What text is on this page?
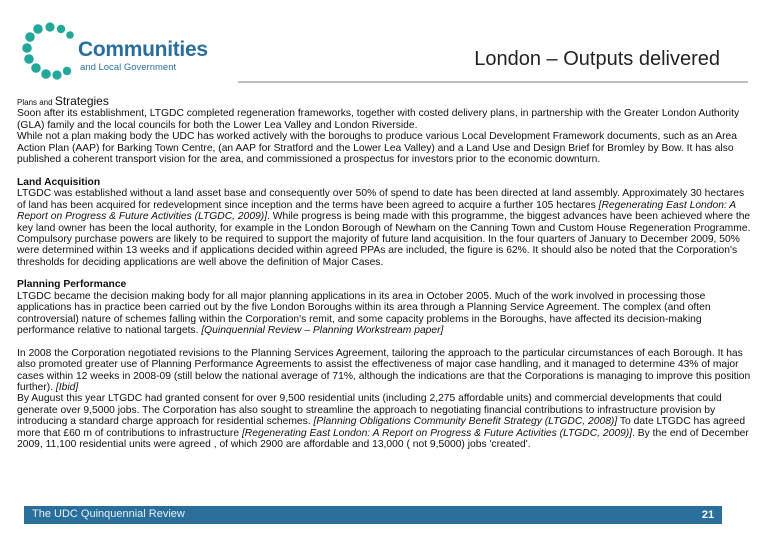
Communities
and Local Government	London – Outputs delivered
Plans and Strategies

Soon after its establishment, LTGDC completed regeneration frameworks, together with costed delivery plans, in partnership with the Greater London Authority (GLA) family and the local councils for both the Lower Lea Valley and London Riverside.

While not a plan making body the UDC has worked actively with the boroughs to produce various Local Development Framework documents, such as an Area Action Plan (AAP) for Barking Town Centre, (an AAP for Stratford and the Lower Lea Valley) and a Land Use and Design Brief for Bromley by Bow. It has also published a coherent transport vision for the area, and commissioned a prospectus for investors prior to the economic downturn.

Land Acquisition

LTGDC was established without a land asset base and consequently over 50% of spend to date has been directed at land assembly. Approximately 30 hectares of land has been acquired for redevelopment since inception and the terms have been agreed to acquire a further 105 hectares [Regenerating East London: A Report on Progress & Future Activities (LTGDC, 2009)]. While progress is being made with this programme, the biggest advances have been achieved where the key land owner has been the local authority, for example in the London Borough of Newham on the Canning Town and Custom House Regeneration Programme. Compulsory purchase powers are likely to be required to support the majority of future land acquisition. In the four quarters of January to December 2009, 50% were determined within 13 weeks and if applications decided within agreed PPAs are included, the figure is 62%. It should also be noted that the Corporation's thresholds for deciding applications are well above the definition of Major Cases.

Planning Performance

LTGDC became the decision making body for all major planning applications in its area in October 2005. Much of the work involved in processing those applications has in practice been carried out by the five London Boroughs within its area through a Planning Service Agreement. The complex (and often controversial) nature of schemes falling within the Corporation's remit, and some capacity problems in the Boroughs, have affected its decision-making performance relative to national targets. [Quinquennial Review – Planning Workstream paper]

In 2008 the Corporation negotiated revisions to the Planning Services Agreement, tailoring the approach to the particular circumstances of each Borough. It has also promoted greater use of Planning Performance Agreements to assist the effectiveness of major case handling, and it managed to determine 43% of major cases within 12 weeks in 2008-09 (still below the national average of 71%, although the indications are that the Corporations is managing to improve this position further). [Ibid]

By August this year LTGDC had granted consent for over 9,500 residential units (including 2,275 affordable units) and commercial developments that could generate over 9,5000 jobs. The Corporation has also sought to streamline the approach to negotiating financial contributions to infrastructure provision by introducing a standard charge approach for residential schemes. [Planning Obligations Community Benefit Strategy (LTGDC, 2008)] To date LTGDC has agreed more that £60 m of contributions to infrastructure [Regenerating East London: A Report on Progress & Future Activities (LTGDC, 2009)]. By the end of December 2009, 11,100 residential units were agreed , of which 2900 are affordable and 13,000 ( not 9,5000) jobs 'created'.

The UDC Quinquennial Review	21
